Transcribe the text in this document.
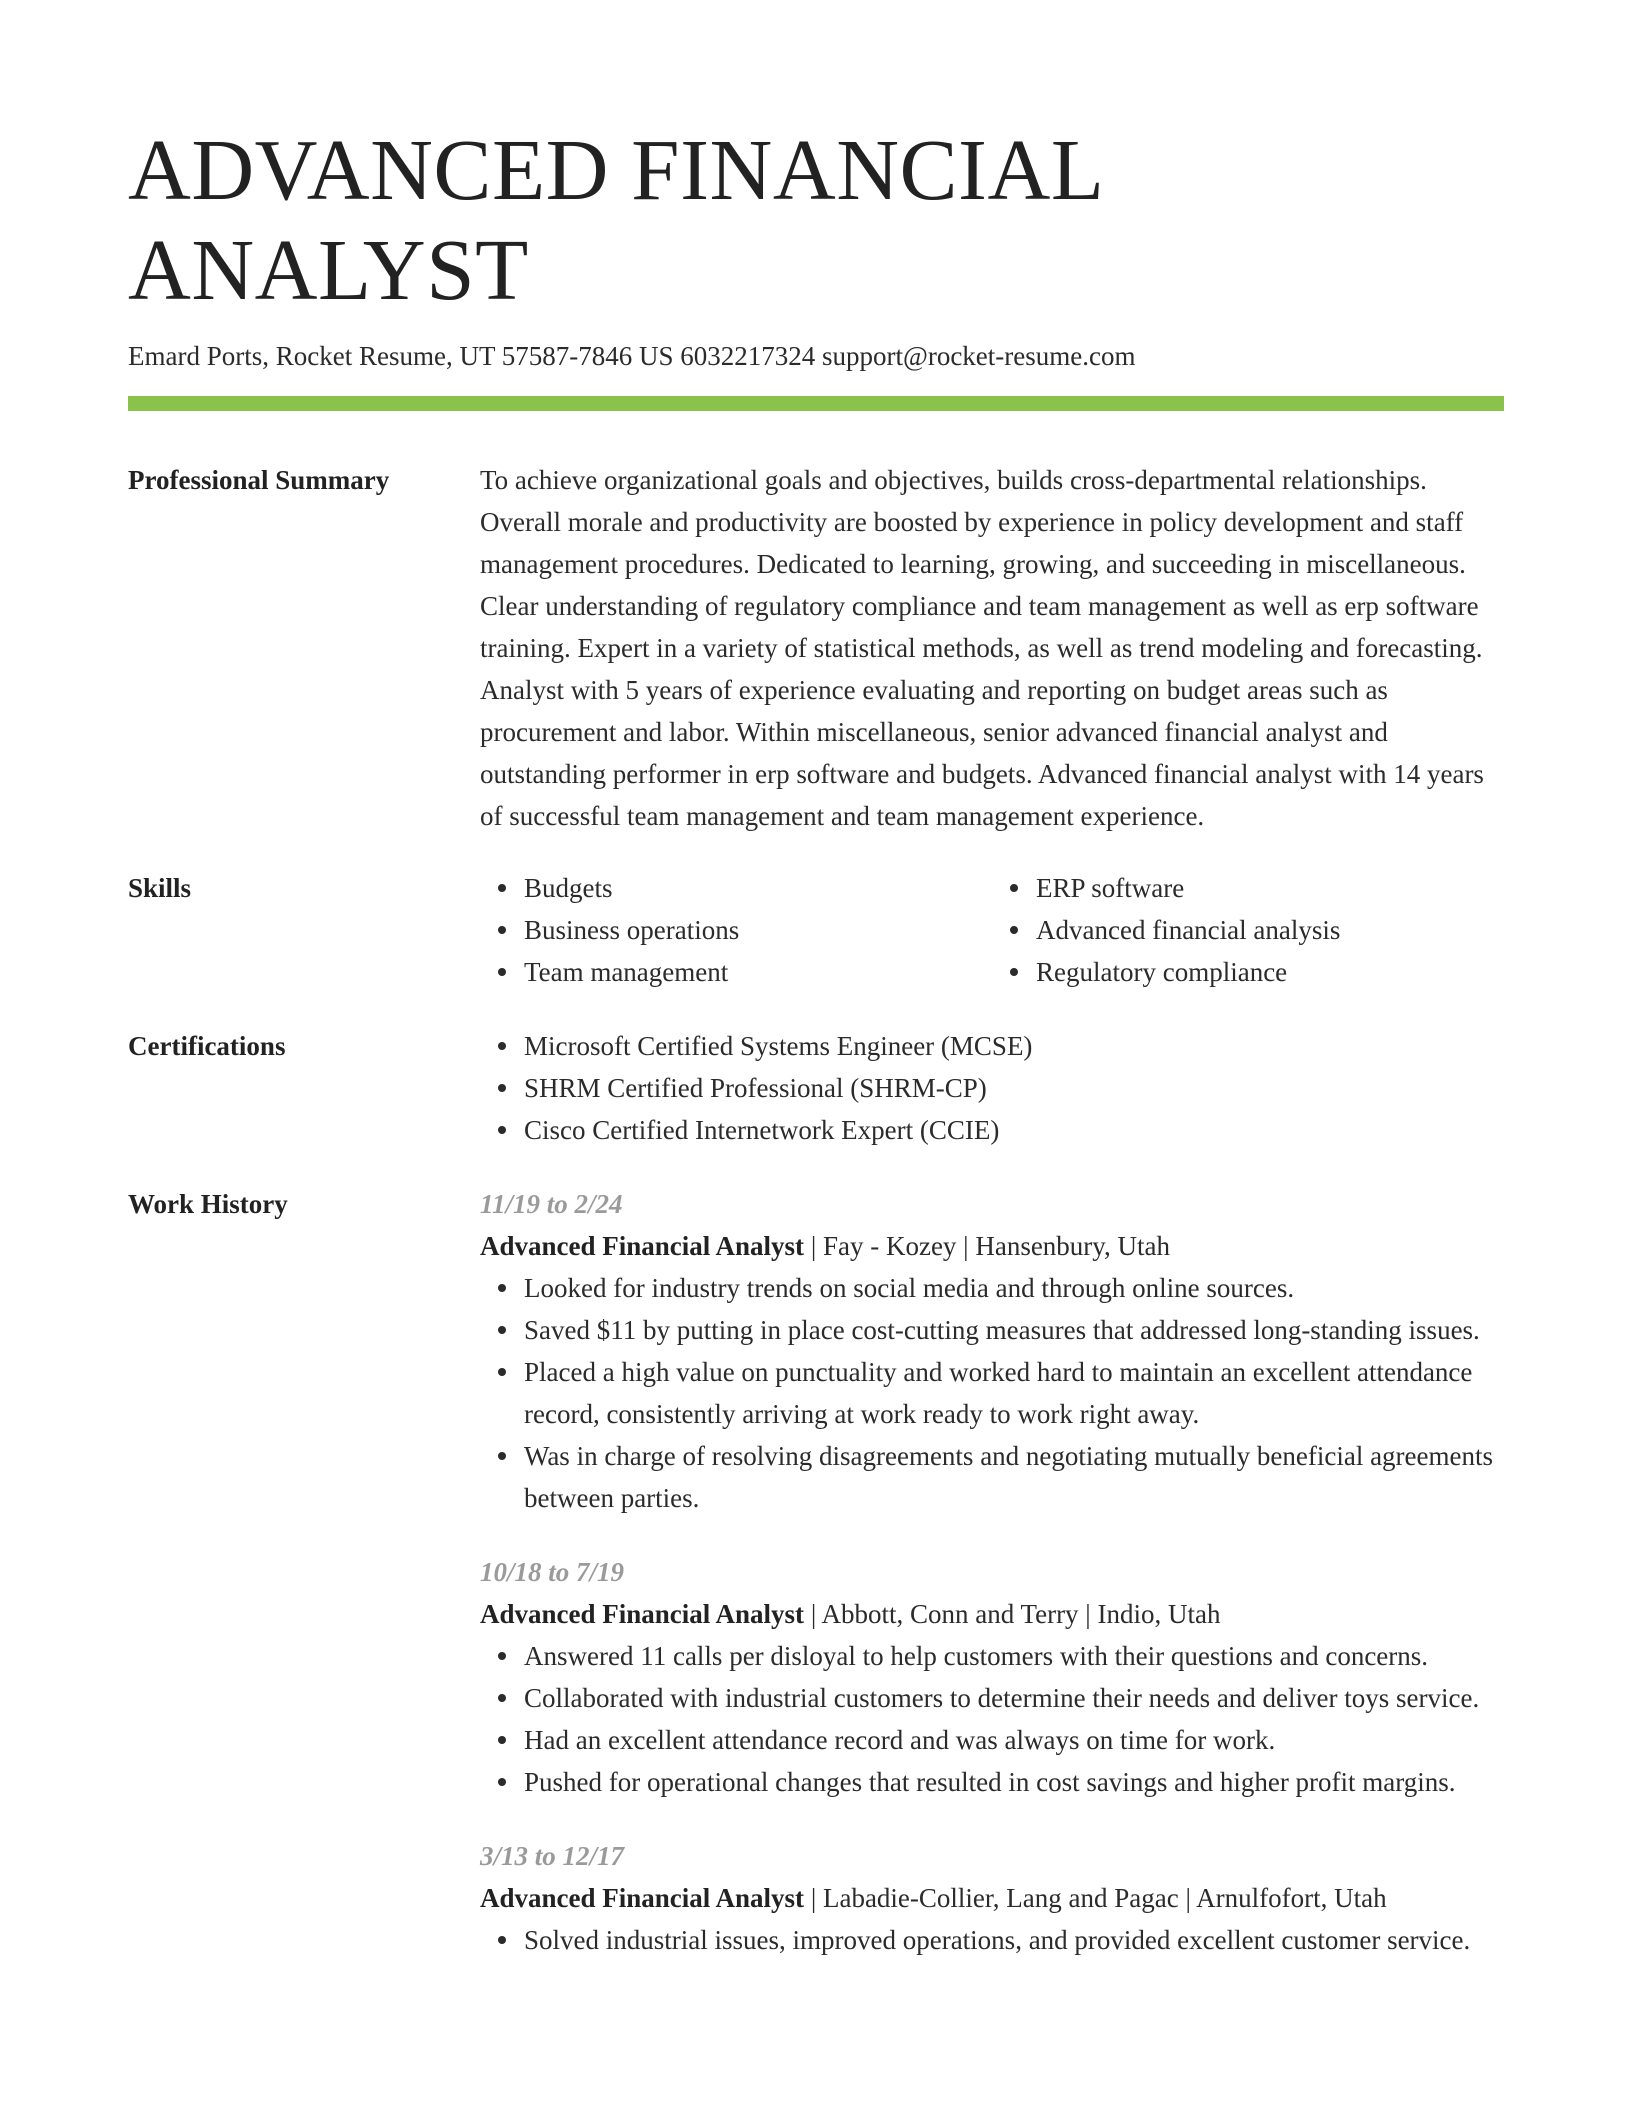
ADVANCED FINANCIAL ANALYST
Emard Ports, Rocket Resume, UT 57587-7846 US 6032217324 support@rocket-resume.com
Professional Summary	To achieve organizational goals and objectives, builds cross-departmental relationships. Overall morale and productivity are boosted by experience in policy development and staff management procedures. Dedicated to learning, growing, and succeeding in miscellaneous. Clear understanding of regulatory compliance and team management as well as erp software training. Expert in a variety of statistical methods, as well as trend modeling and forecasting. Analyst with 5 years of experience evaluating and reporting on budget areas such as procurement and labor. Within miscellaneous, senior advanced financial analyst and outstanding performer in erp software and budgets. Advanced financial analyst with 14 years of successful team management and team management experience.

Skills	Budgets
Business operations
Team management
ERP software
Advanced financial analysis
Regulatory compliance
Certifications	Microsoft Certified Systems Engineer (MCSE)
SHRM Certified Professional (SHRM-CP)
Cisco Certified Internetwork Expert (CCIE)
Work History	11/19 to 2/24
Advanced Financial Analyst | Fay - Kozey | Hansenbury, Utah
Looked for industry trends on social media and through online sources.
Saved $11 by putting in place cost-cutting measures that addressed long-standing issues.
Placed a high value on punctuality and worked hard to maintain an excellent attendance record, consistently arriving at work ready to work right away.
Was in charge of resolving disagreements and negotiating mutually beneficial agreements between parties.
10/18 to 7/19
Advanced Financial Analyst | Abbott, Conn and Terry | Indio, Utah
Answered 11 calls per disloyal to help customers with their questions and concerns.
Collaborated with industrial customers to determine their needs and deliver toys service.
Had an excellent attendance record and was always on time for work.
Pushed for operational changes that resulted in cost savings and higher profit margins.
3/13 to 12/17
Advanced Financial Analyst | Labadie-Collier, Lang and Pagac | Arnulfofort, Utah
Solved industrial issues, improved operations, and provided excellent customer service.
